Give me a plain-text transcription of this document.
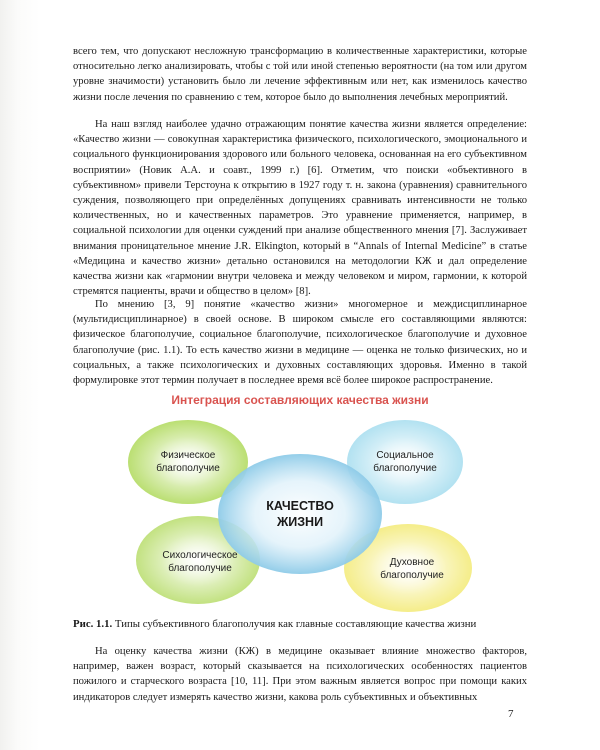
всего тем, что допускают несложную трансформацию в количественные характеристики, которые относительно легко анализировать, чтобы с той или иной степенью вероятности (на том или другом уровне значимости) установить было ли лечение эффективным или нет, как изменилось качество жизни после лечения по сравнению с тем, которое было до выполнения лечебных мероприятий.

На наш взгляд наиболее удачно отражающим понятие качества жизни является определение: «Качество жизни — совокупная характеристика физического, психологического, эмоционального и социального функционирования здорового или больного человека, основанная на его субъективном восприятии» (Новик А.А. и соавт., 1999 г.) [6]. Отметим, что поиски «объективного в субъективном» привели Терстоуна к открытию в 1927 году т. н. закона (уравнения) сравнительного суждения, позволяющего при определённых допущениях сравнивать интенсивности не только количественных, но и качественных параметров. Это уравнение применяется, например, в социальной психологии для оценки суждений при анализе общественного мнения [7]. Заслуживает внимания проницательное мнение J.R. Elkington, который в “Annals of Internal Medicine” в статье «Медицина и качество жизни» детально остановился на методологии КЖ и дал определение качества жизни как «гармонии внутри человека и между человеком и миром, гармонии, к которой стремятся пациенты, врачи и общество в целом» [8].

По мнению [3, 9] понятие «качество жизни» многомерное и междисциплинарное (мультидисциплинарное) в своей основе. В широком смысле его составляющими являются: физическое благополучие, социальное благополучие, психологическое благополучие и духовное благополучие (рис. 1.1). То есть качество жизни в медицине — оценка не только физических, но и социальных, а также психологических и духовных составляющих здоровья. Именно в такой формулировке этот термин получает в последнее время всё более широкое распространение.

Интеграция составляющих качества жизни
Физическое
благополучие
Социальное
благополучие
Сихологическое
благополучие
Духовное
благополучие
КАЧЕСТВО
ЖИЗНИ
Рис. 1.1. Типы субъективного благополучия как главные составляющие качества жизни

На оценку качества жизни (КЖ) в медицине оказывает влияние множество факторов, например, важен возраст, который сказывается на психологических особенностях пациентов пожилого и старческого возраста [10, 11]. При этом важным является вопрос при помощи каких индикаторов следует измерять качество жизни, какова роль субъективных и объективных

7
